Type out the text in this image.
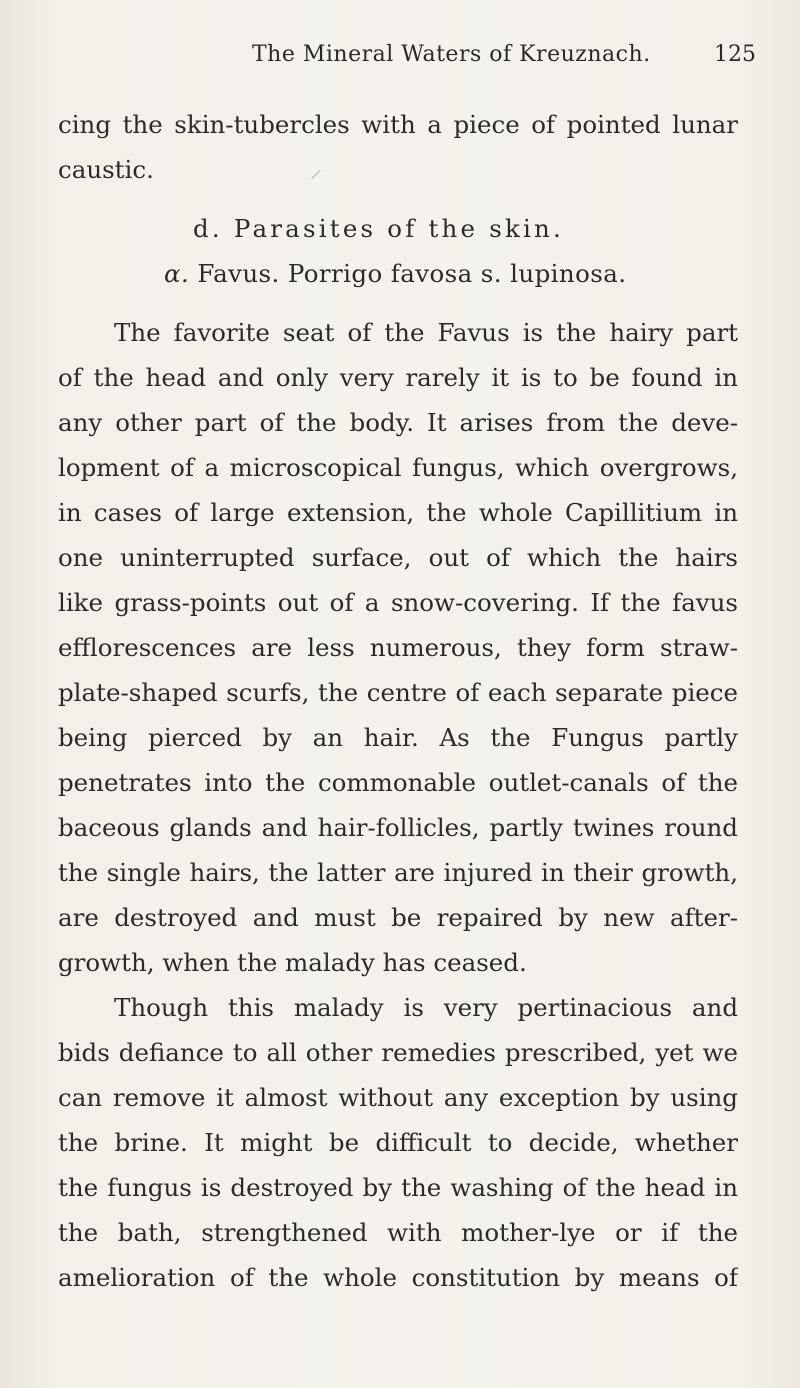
The Mineral Waters of Kreuznach.	125
cing the skin-tubercles with a piece of pointed lunar
caustic.
d. Parasites of the skin.
α. Favus. Porrigo favosa s. lupinosa.
The favorite seat of the Favus is the hairy part
of the head and only very rarely it is to be found in
any other part of the body. It arises from the deve-
lopment of a microscopical fungus, which overgrows,
in cases of large extension, the whole Capillitium in
one uninterrupted surface, out of which the hairs
like grass-points out of a snow-covering. If the favus
efflorescences are less numerous, they form straw-
plate-shaped scurfs, the centre of each separate piece
being pierced by an hair. As the Fungus partly
penetrates into the commonable outlet-canals of the
baceous glands and hair-follicles, partly twines round
the single hairs, the latter are injured in their growth,
are destroyed and must be repaired by new after-
growth, when the malady has ceased.
Though this malady is very pertinacious and
bids defiance to all other remedies prescribed, yet we
can remove it almost without any exception by using
the brine. It might be difficult to decide, whether
the fungus is destroyed by the washing of the head in
the bath, strengthened with mother-lye or if the
amelioration of the whole constitution by means of
